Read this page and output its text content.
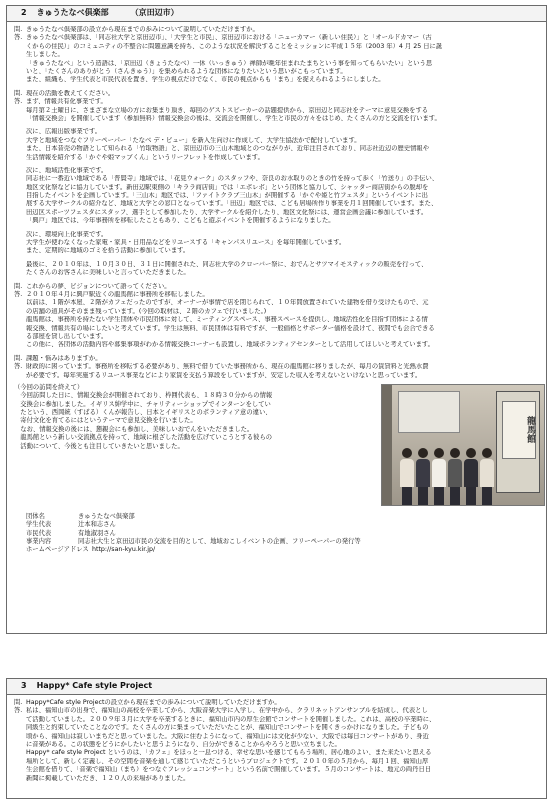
2 きゅうたなべ倶楽部	（京田辺市）
問. きゅうたなべ倶楽部の設立から現在までの歩みについて説明していただけますか。
答. きゅうたなべ倶楽部は、「同志社大学と京田辺市」、「大学生と市民」、京田辺市における「ニューカマー（新しい住民）」と「オールドカマー（古
くからの住民）」のコミュニティの不整合に問題意識を持ち、このような状況を解決することをミッションに平成１５年（2003 年）4 月 25 日に誕
生しました。
「きゅうたなべ」という造語は、「京田辺（きょうたなべ）一休（いっきゅう）禅師が晩年住まれたまちという事を知ってもらいたい」という思
いと、「たくさんのありがとう（さんきゅう）」を集められるような団体になりたいという思いがこもっています。
また、組織も、学生代表と市民代表を置き、学生の視点だけでなく、市民の視点からも「まち」を捉えられるようにしました。
問. 現在の活動を教えてください。
答. まず、情報共有化事業です。
毎月第２土曜日に、さまざまな立場の方にお集まり頂き、毎回のゲストスピーカーの話題提供から、京田辺と同志社をテーマに意見交換をする
「情報交換会」を開催しています（参加無料）情報交換会の後は、交流会を開催し、学生と市民の方々をはじめ、たくさんの方と交流を行います。
次に、広報出版事業です。
大学と地域をつなぐフリーペーパー「たなべ デ・ビュー」を新入生向けに作成して、大学生協法かで配付しています。
また、日本昔売の物語として知られる「竹取物語」と、京田辺市の三山木地域とのつながりが、近年注目されており、同志社近辺の歴史情報や
生活情報を紹介する「かぐや姫マップくん」というリーフレットを作成しています。
次に、地域活性化事業です。
同志社に一番近い地域である「普賢寺」地域では、「花見ウォーク」のスタッフや、奈良のお水取りのときの竹を持って歩く「竹送り」の手伝い、
地区文化祭などに協力しています。新田辺駅東側の「キララ商店街」では「エボレボ」という団体と協力して、シャッター商店街からの脱却を
目指したイベントを企画しています。「三山木」地区では、「ファイトクラブ三山木」が開催する「かぐや姫と竹フェスタ」というイベントに出
展する大学サークルの紹介など、地域と大学との窓口となっています。「田辺」地区では、こども居場所作り事業を月１回開催しています。また、
田辺区スポーツフェスタにスタッフ、選手として参加したり、大学サークルを紹介したり、地区文化祭には、運営企画会議に参加しています。
「興戸」地区では、今年事務所を移転したこともあり、こどもと遊ぶイベントを開催するようになりました。
次に、環境向上化事業です。
大学生が使わなくなった家電・家具・日用品などをリユースする「キャンパスリユース」を毎年開催しています。
また、定期的に地域のゴミを拾う活動に参加しています。
最後に、２０１０年は、１０月３０日、３１日に開催された、同志社大学のクローバー祭に、おでんとサツマイモスティックの販売を行って、
たくさんのお客さんに美味しいと言っていただきました。
問. これからの夢、ビジョンについて語ってください。
答. ２０１０年４月に興戸駅近くの龍馬館に事務所を移転しました。
以前は、１階が本屋、２階がカフェだったのですが、オーナーが事情で店を閉じられて、１０年間放置されていた建物を借り受けたもので、元
の店舗の道具がそのまま残っています。(今回の取材は、２階のカフェで行いました。)
龍馬館は、事務所を持たない学生団体や市民団体に対して、ミーティングスペース、事務スペースを提供し、地域活性化を目指す団体による情
報交換、情報共有の場にしたいと考えています。学生は無料、市民団体は有料ですが、一般価格とサポーター価格を設けて、夜間でも会合できる
る部屋を貸し出しています。
この他に、各団体の活動内容や募集事項がわかる情報交換コーナーも設置し、地域ボランティアセンターとして活用してほしいと考えています。
問. 課題・悩みはありますか。
答. 財政的に困っています。事務所を移転する必要があり、無料で借りていた事務所から、現在の龍馬館に移りましたが、毎月の賃貸料と光熱水費
が必要です。毎年実施するリユース事業などにより家賃を支払う算段をしていますが、安定した収入を考えないといけないと思っています。
（今回の訪問を終えて）
　今回訪問した日に、情報交換会が開催されており、枠囲代表も、１８時３０分からの情報
　交換会に参加しました。イギリス紳学中に、チャリティーショップでインターンをしてい
　たという、西岡統（すばる）くんが報告し、日本とイギリスとのボランティア意の違い、
　寄付文化を育てるにはというテーマで意見交換を行いました。
　なお、情報交換の後には、懇親会にも参加し、美味しいおでんをいただきました。
　龍馬館という新しい交流拠点を持って、地域に根ざした活動を広げていこうとする彼らの
　活動について、今後とも注目していきたいと思いました。
龍馬館
団体名	きゅうたなべ倶楽部
学生代表	辻本和志さん
市民代表	有地淑羽さん
事業内容	同志社大生と京田辺市民の交流を目的として、地域おこしイベントの企画、フリーペーパーの発行等
ホームページアドレス http://san-kyu.kir.jp/
3 Happy* Cafe style Project
問. Happy*Cafe style Projectの設立から現在までの歩みについて説明していただけますか。
答. 私は、福知山市の出身で、福知山の高校を卒業してから、大阪音楽大学に入学し、在学中から、クラリネットアンサンブルを結成し、代表とし
て活動していました。２００９年３月に大学を卒業するときに、福知山市内の厚生会館でコンサートを開催しました。これは、高校の卒業時に、
同級生と約束していたことなのです。たくさんの方に集まっていただいたことが、福知山でコンサートを開くきっかけになりました。子どもの
頃から、福知山は寂しいまちだと思っていました。大阪に住むようになって、福知山には文化が少ない、大阪では毎日コンサートがあり、身近
に音楽がある。この状態をどうにかしたいと思うようになり、自分ができることからやろうと思い立ちました。
Happy* cafe style Project というのは、「カフェ」をほっと一息つける、幸せな思いを感じてもらう場所、居心地のよい、また来たいと思える
場所として、新しく定義し、その空間を音楽を通して感じていただこうというプロジェクトです。２０１０年の５月から、毎月１回、福知山厚
生会館を借りて、「音楽で福知山（まち）をつなぐフレッシュコンサート」という名前で開催しています。５月のコンサートは、地元の両丹日日
新聞に掲載していただき、１２０人の来場がありました。
